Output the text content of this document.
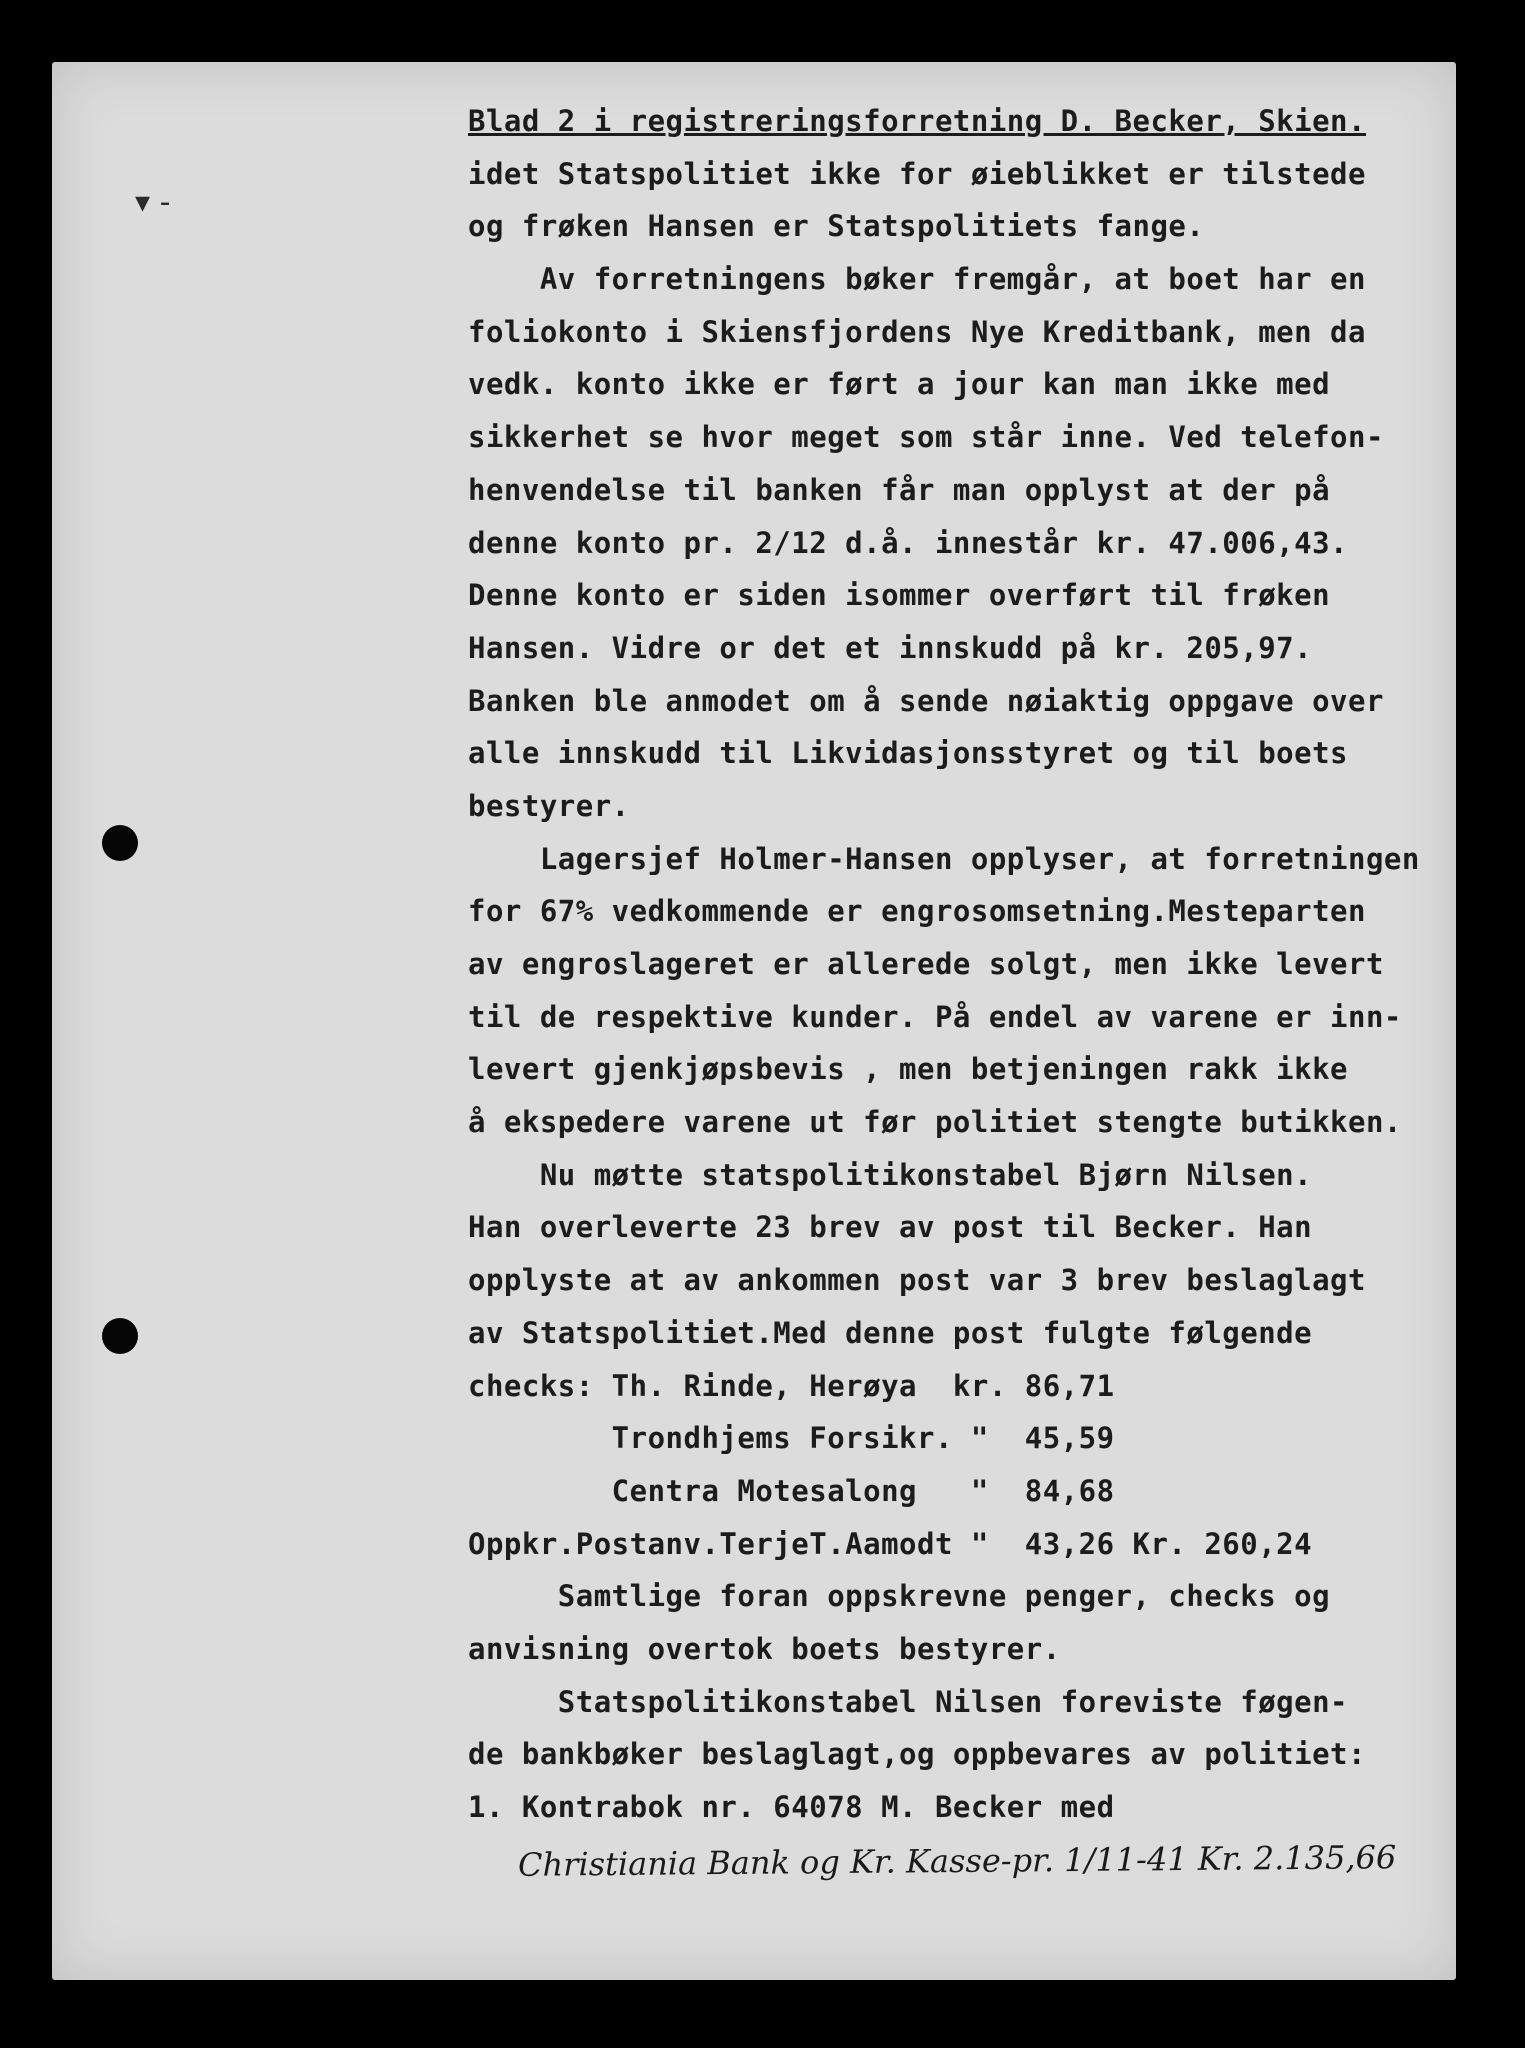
▾ ‑
Blad 2 i registreringsforretning D. Becker, Skien.
idet Statspolitiet ikke for øieblikket er tilstede
og frøken Hansen er Statspolitiets fange.
Av forretningens bøker fremgår, at boet har en
foliokonto i Skiensfjordens Nye Kreditbank, men da
vedk. konto ikke er ført a jour kan man ikke med
sikkerhet se hvor meget som står inne. Ved telefon-
henvendelse til banken får man opplyst at der på
denne konto pr. 2/12 d.å. innestår kr. 47.006,43.
Denne konto er siden isommer overført til frøken
Hansen. Vidre or det et innskudd på kr. 205,97.
Banken ble anmodet om å sende nøiaktig oppgave over
alle innskudd til Likvidasjonsstyret og til boets
bestyrer.
Lagersjef Holmer-Hansen opplyser, at forretningen
for 67% vedkommende er engrosomsetning.Mesteparten
av engroslageret er allerede solgt, men ikke levert
til de respektive kunder. På endel av varene er inn-
levert gjenkjøpsbevis , men betjeningen rakk ikke
å ekspedere varene ut før politiet stengte butikken.
Nu møtte statspolitikonstabel Bjørn Nilsen.
Han overleverte 23 brev av post til Becker. Han
opplyste at av ankommen post var 3 brev beslaglagt
av Statspolitiet.Med denne post fulgte følgende
checks: Th. Rinde, Herøya  kr. 86,71
Trondhjems Forsikr. "  45,59
Centra Motesalong   "  84,68
Oppkr.Postanv.TerjeT.Aamodt "  43,26 Kr. 260,24
Samtlige foran oppskrevne penger, checks og
anvisning overtok boets bestyrer.
Statspolitikonstabel Nilsen foreviste føgen-
de bankbøker beslaglagt,og oppbevares av politiet:
1. Kontrabok nr. 64078 M. Becker med
Christiania Bank og Kr. Kasse-pr. 1/11-41 Kr. 2.135,66
